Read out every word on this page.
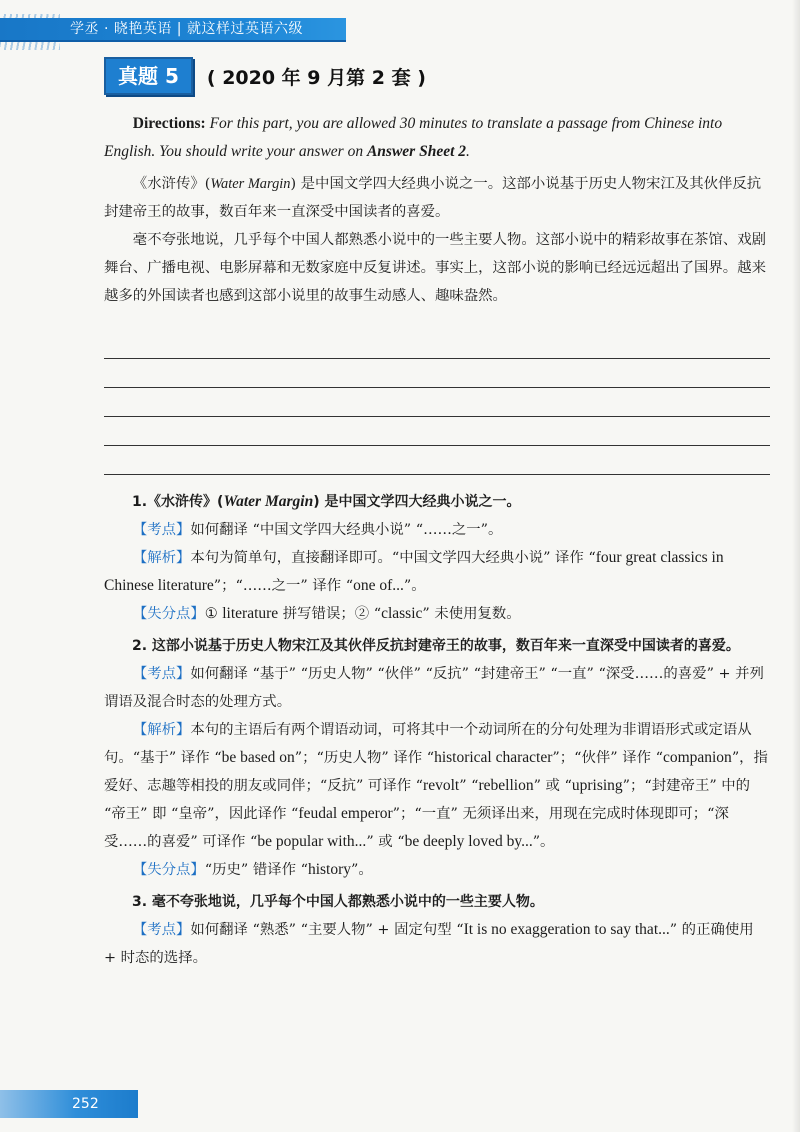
学丞 · 晓艳英语 | 就这样过英语六级
真题 5	( 2020 年 9 月第 2 套 )

Directions: For this part, you are allowed 30 minutes to translate a passage from Chinese into English. You should write your answer on Answer Sheet 2.

《水浒传》(Water Margin) 是中国文学四大经典小说之一。这部小说基于历史人物宋江及其伙伴反抗封建帝王的故事，数百年来一直深受中国读者的喜爱。

毫不夸张地说，几乎每个中国人都熟悉小说中的一些主要人物。这部小说中的精彩故事在茶馆、戏剧舞台、广播电视、电影屏幕和无数家庭中反复讲述。事实上，这部小说的影响已经远远超出了国界。越来越多的外国读者也感到这部小说里的故事生动感人、趣味盎然。

1.《水浒传》(Water Margin) 是中国文学四大经典小说之一。

【考点】如何翻译 “中国文学四大经典小说” “……之一”。

【解析】本句为简单句，直接翻译即可。“中国文学四大经典小说” 译作 “four great classics in Chinese literature”；“……之一” 译作 “one of...”。

【失分点】① literature 拼写错误；② “classic” 未使用复数。

2. 这部小说基于历史人物宋江及其伙伴反抗封建帝王的故事，数百年来一直深受中国读者的喜爱。

【考点】如何翻译 “基于” “历史人物” “伙伴” “反抗” “封建帝王” “一直” “深受……的喜爱” + 并列谓语及混合时态的处理方式。

【解析】本句的主语后有两个谓语动词，可将其中一个动词所在的分句处理为非谓语形式或定语从句。“基于” 译作 “be based on”；“历史人物” 译作 “historical character”；“伙伴” 译作 “companion”，指爱好、志趣等相投的朋友或同伴；“反抗” 可译作 “revolt” “rebellion” 或 “uprising”；“封建帝王” 中的 “帝王” 即 “皇帝”，因此译作 “feudal emperor”；“一直” 无须译出来，用现在完成时体现即可；“深受……的喜爱” 可译作 “be popular with...” 或 “be deeply loved by...”。

【失分点】“历史” 错译作 “history”。

3. 毫不夸张地说，几乎每个中国人都熟悉小说中的一些主要人物。

【考点】如何翻译 “熟悉” “主要人物” + 固定句型 “It is no exaggeration to say that...” 的正确使用 + 时态的选择。

252
